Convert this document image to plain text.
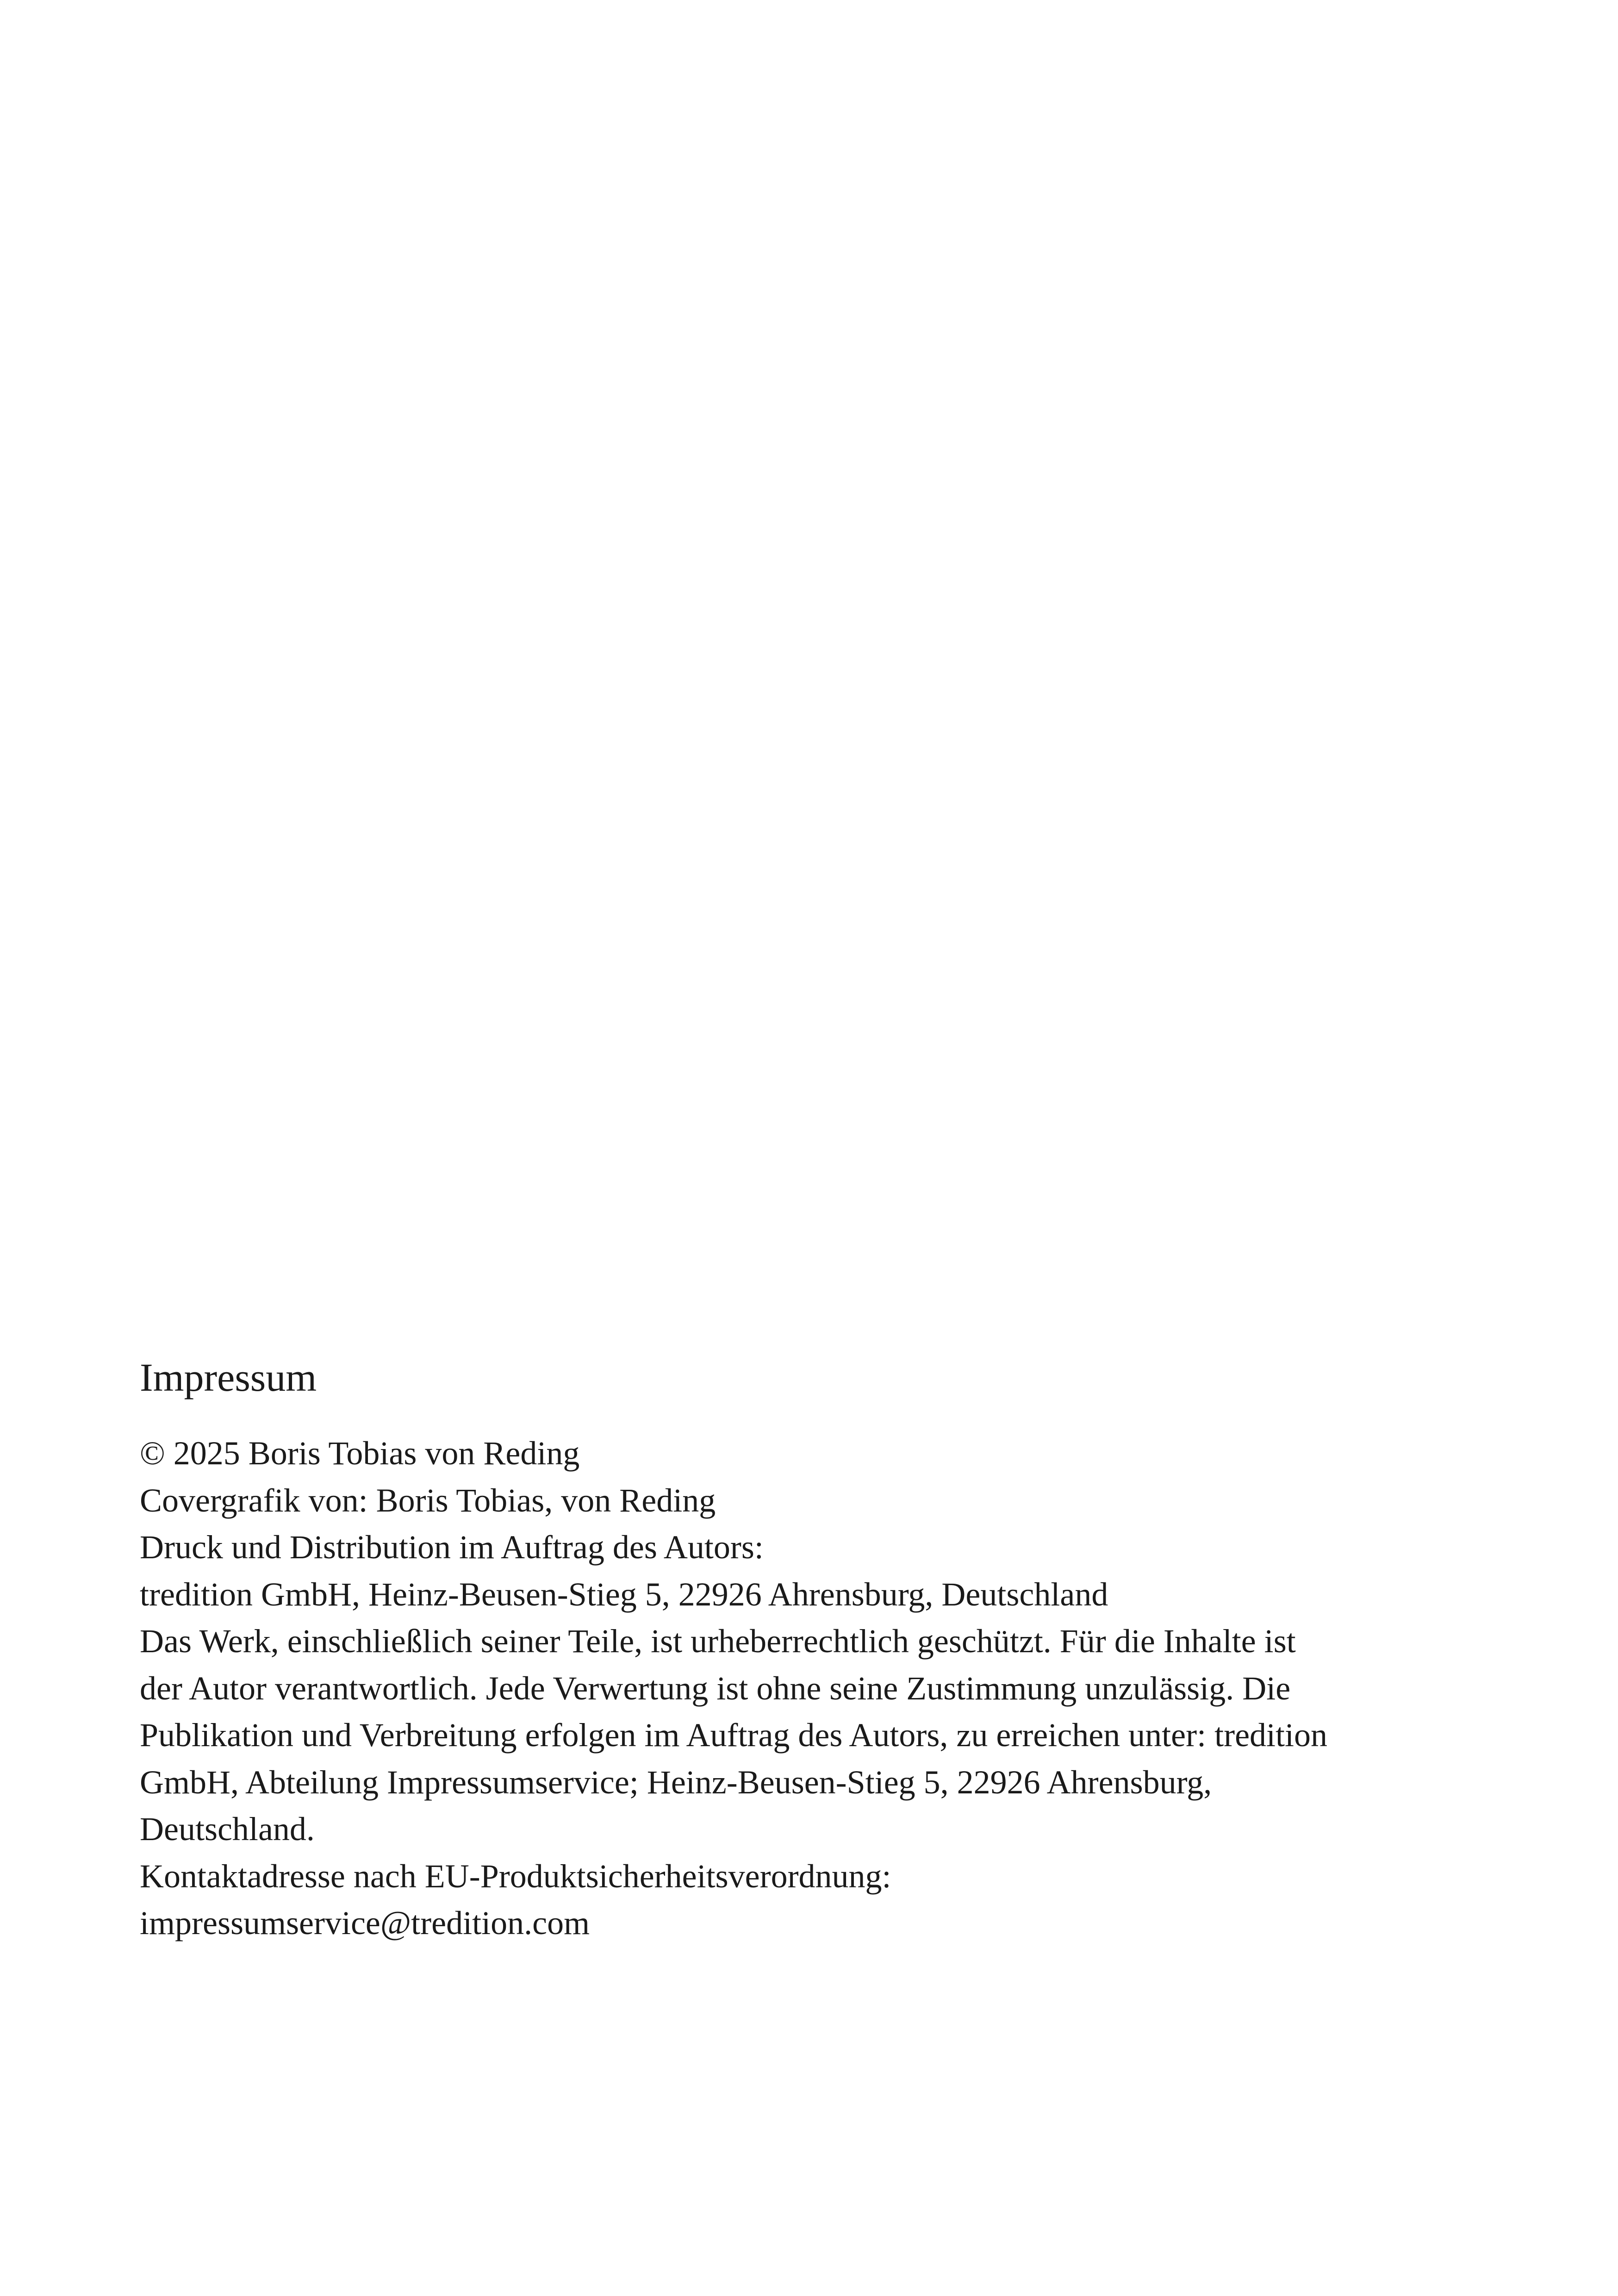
Impressum

© 2025 Boris Tobias von Reding

Covergrafik von: Boris Tobias, von Reding

Druck und Distribution im Auftrag des Autors:

tredition GmbH, Heinz-Beusen-Stieg 5, 22926 Ahrensburg, Deutschland

Das Werk, einschließlich seiner Teile, ist urheberrechtlich geschützt. Für die Inhalte ist

der Autor verantwortlich. Jede Verwertung ist ohne seine Zustimmung unzulässig. Die

Publikation und Verbreitung erfolgen im Auftrag des Autors, zu erreichen unter: tredition

GmbH, Abteilung Impressumservice; Heinz-Beusen-Stieg 5, 22926 Ahrensburg,

Deutschland.

Kontaktadresse nach EU-Produktsicherheitsverordnung:

impressumservice@tredition.com
